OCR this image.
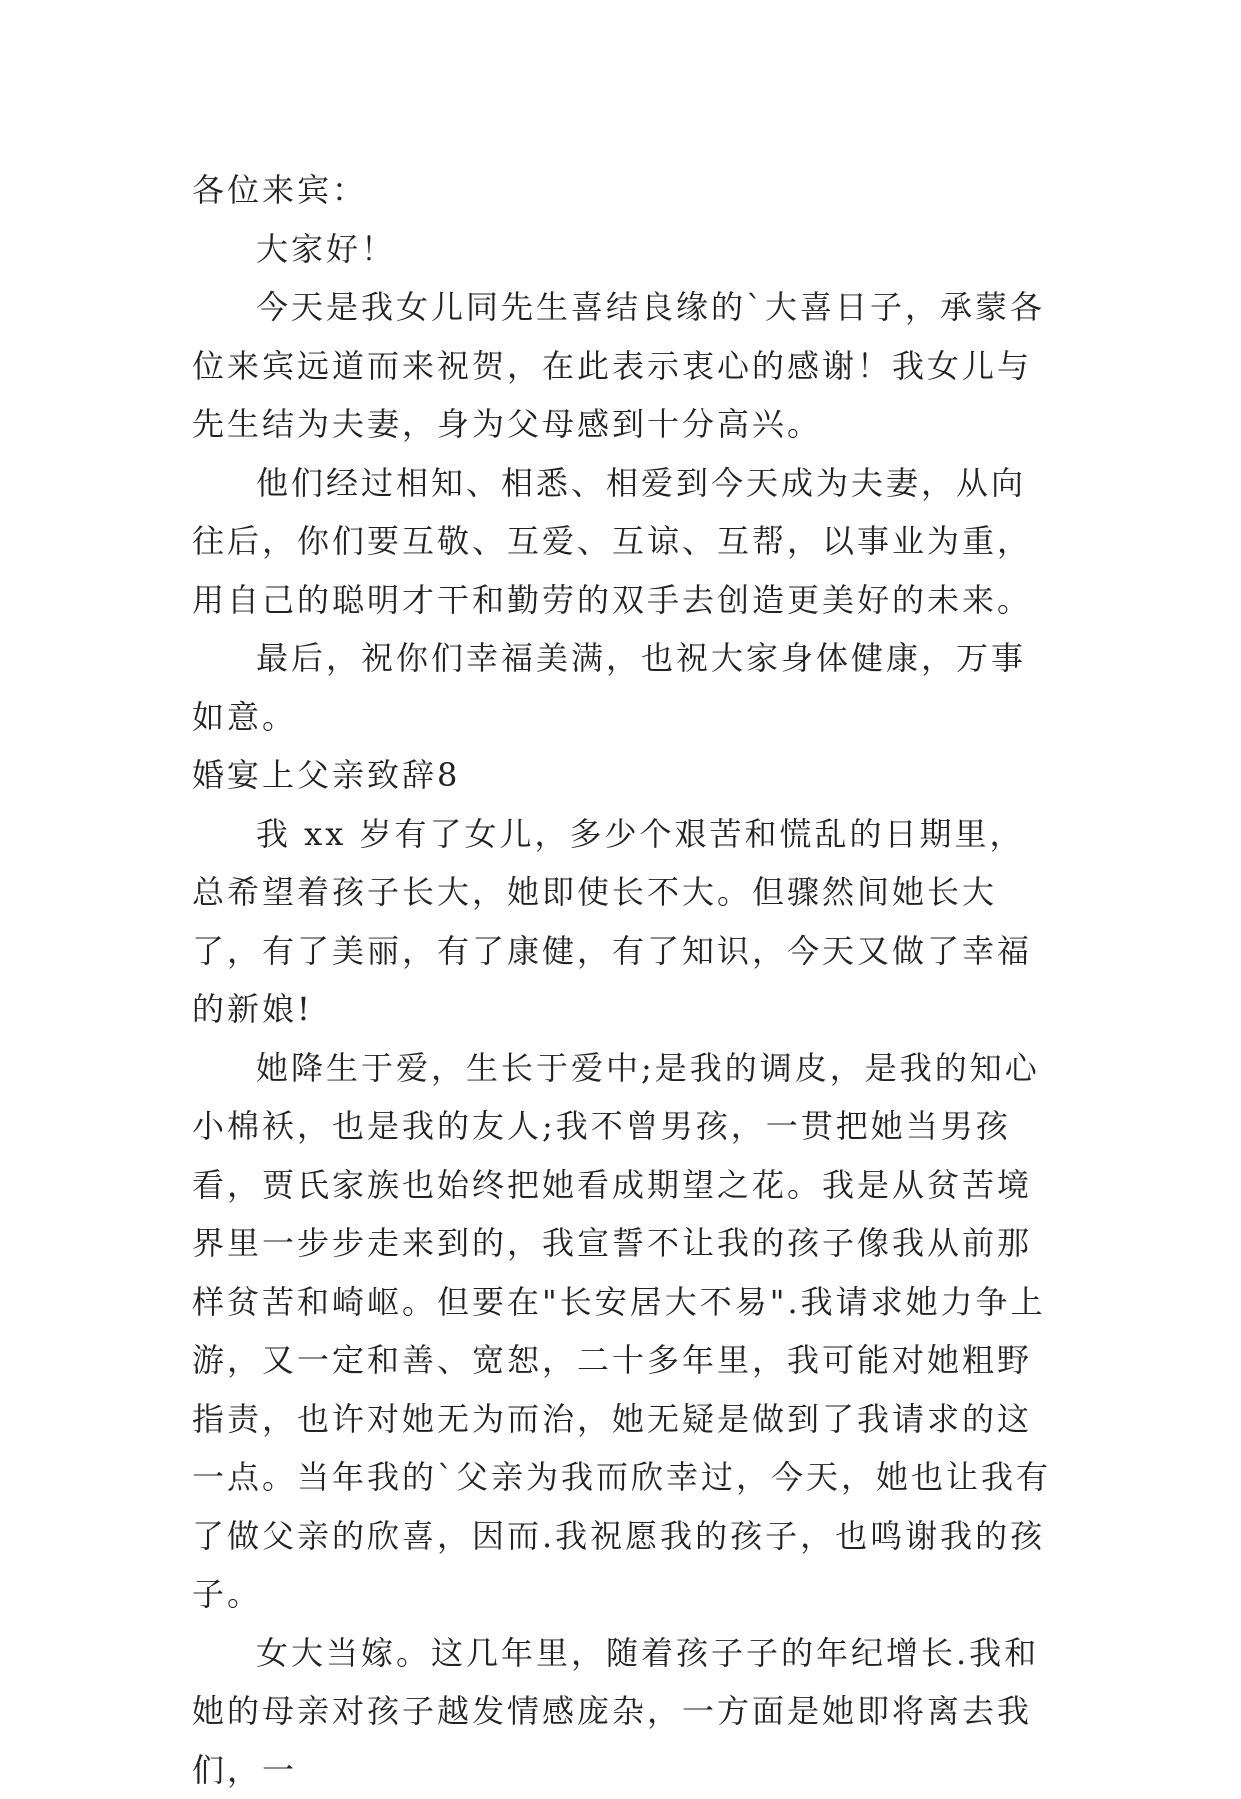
各位来宾：

大家好！

今天是我女儿同先生喜结良缘的`大喜日子，承蒙各位来宾远道而来祝贺，在此表示衷心的感谢！我女儿与先生结为夫妻，身为父母感到十分高兴。

他们经过相知、相悉、相爱到今天成为夫妻，从向往后，你们要互敬、互爱、互谅、互帮，以事业为重，用自己的聪明才干和勤劳的双手去创造更美好的未来。

最后，祝你们幸福美满，也祝大家身体健康，万事如意。

婚宴上父亲致辞8

我 xx 岁有了女儿，多少个艰苦和慌乱的日期里，总希望着孩子长大，她即使长不大。但骤然间她长大了，有了美丽，有了康健，有了知识，今天又做了幸福的新娘!

她降生于爱，生长于爱中;是我的调皮，是我的知心小棉袄，也是我的友人;我不曾男孩，一贯把她当男孩看，贾氏家族也始终把她看成期望之花。我是从贫苦境界里一步步走来到的，我宣誓不让我的孩子像我从前那样贫苦和崎岖。但要在"长安居大不易".我请求她力争上游，又一定和善、宽恕，二十多年里，我可能对她粗野指责，也许对她无为而治，她无疑是做到了我请求的这一点。当年我的`父亲为我而欣幸过，今天，她也让我有了做父亲的欣喜，因而.我祝愿我的孩子，也鸣谢我的孩子。

女大当嫁。这几年里，随着孩子子的年纪增长.我和她的母亲对孩子越发情感庞杂，一方面是她即将离去我们，一
